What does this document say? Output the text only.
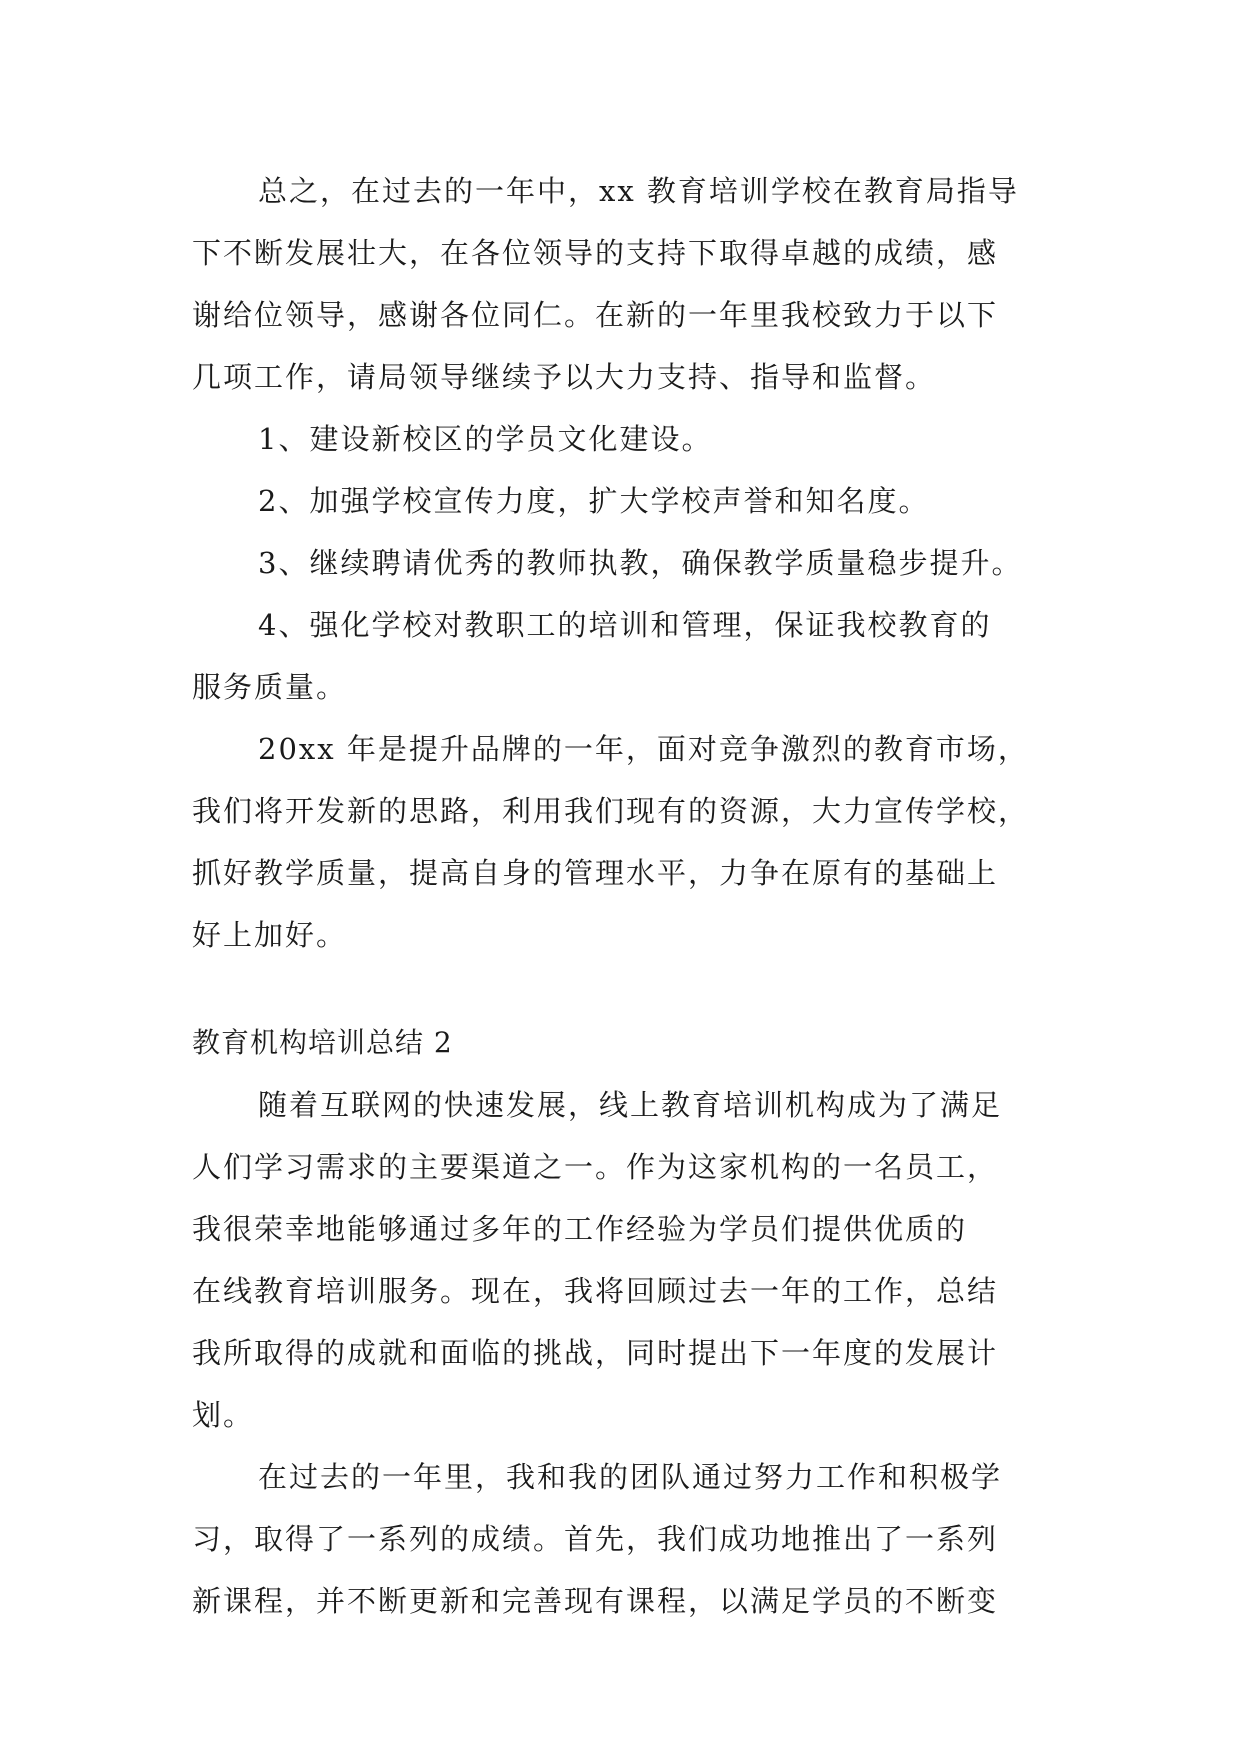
总之，在过去的一年中，xx 教育培训学校在教育局指导
下不断发展壮大，在各位领导的支持下取得卓越的成绩，感
谢给位领导，感谢各位同仁。在新的一年里我校致力于以下
几项工作，请局领导继续予以大力支持、指导和监督。
1、建设新校区的学员文化建设。
2、加强学校宣传力度，扩大学校声誉和知名度。
3、继续聘请优秀的教师执教，确保教学质量稳步提升。
4、强化学校对教职工的培训和管理，保证我校教育的
服务质量。
20xx 年是提升品牌的一年，面对竞争激烈的教育市场，
我们将开发新的思路，利用我们现有的资源，大力宣传学校，
抓好教学质量，提高自身的管理水平，力争在原有的基础上
好上加好。
教育机构培训总结 2
随着互联网的快速发展，线上教育培训机构成为了满足
人们学习需求的主要渠道之一。作为这家机构的一名员工，
我很荣幸地能够通过多年的工作经验为学员们提供优质的
在线教育培训服务。现在，我将回顾过去一年的工作，总结
我所取得的成就和面临的挑战，同时提出下一年度的发展计
划。
在过去的一年里，我和我的团队通过努力工作和积极学
习，取得了一系列的成绩。首先，我们成功地推出了一系列
新课程，并不断更新和完善现有课程，以满足学员的不断变
